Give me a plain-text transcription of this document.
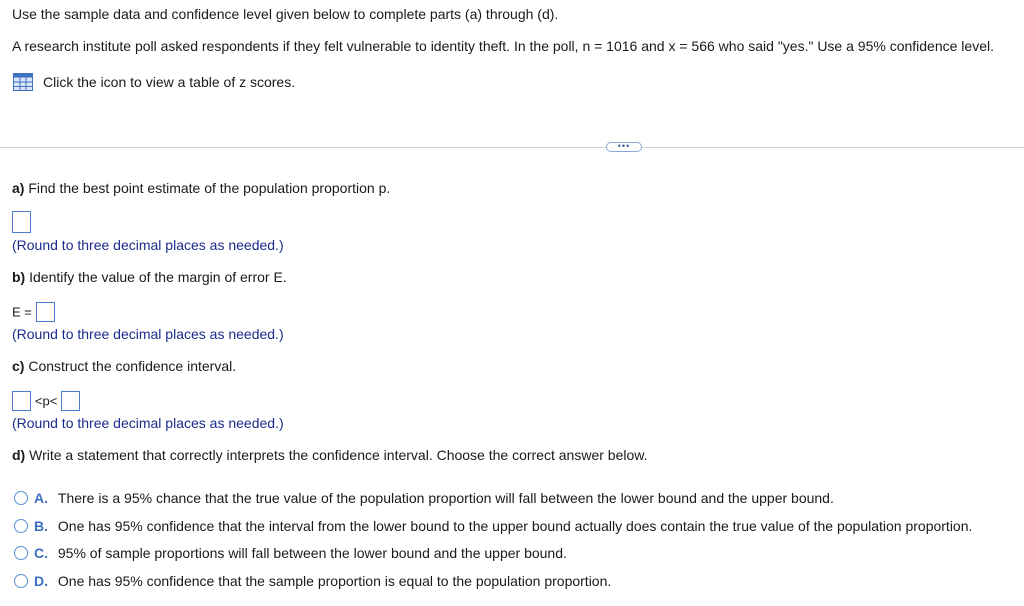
Use the sample data and confidence level given below to complete parts (a) through (d).
A research institute poll asked respondents if they felt vulnerable to identity theft. In the poll, n = 1016 and x = 566 who said "yes." Use a 95% confidence level.
Click the icon to view a table of z scores.
•••
a) Find the best point estimate of the population proportion p.
(Round to three decimal places as needed.)
b) Identify the value of the margin of error E.
E =
(Round to three decimal places as needed.)
c) Construct the confidence interval.
<p<
(Round to three decimal places as needed.)
d) Write a statement that correctly interprets the confidence interval. Choose the correct answer below.
A. There is a 95% chance that the true value of the population proportion will fall between the lower bound and the upper bound.
B. One has 95% confidence that the interval from the lower bound to the upper bound actually does contain the true value of the population proportion.
C. 95% of sample proportions will fall between the lower bound and the upper bound.
D. One has 95% confidence that the sample proportion is equal to the population proportion.
